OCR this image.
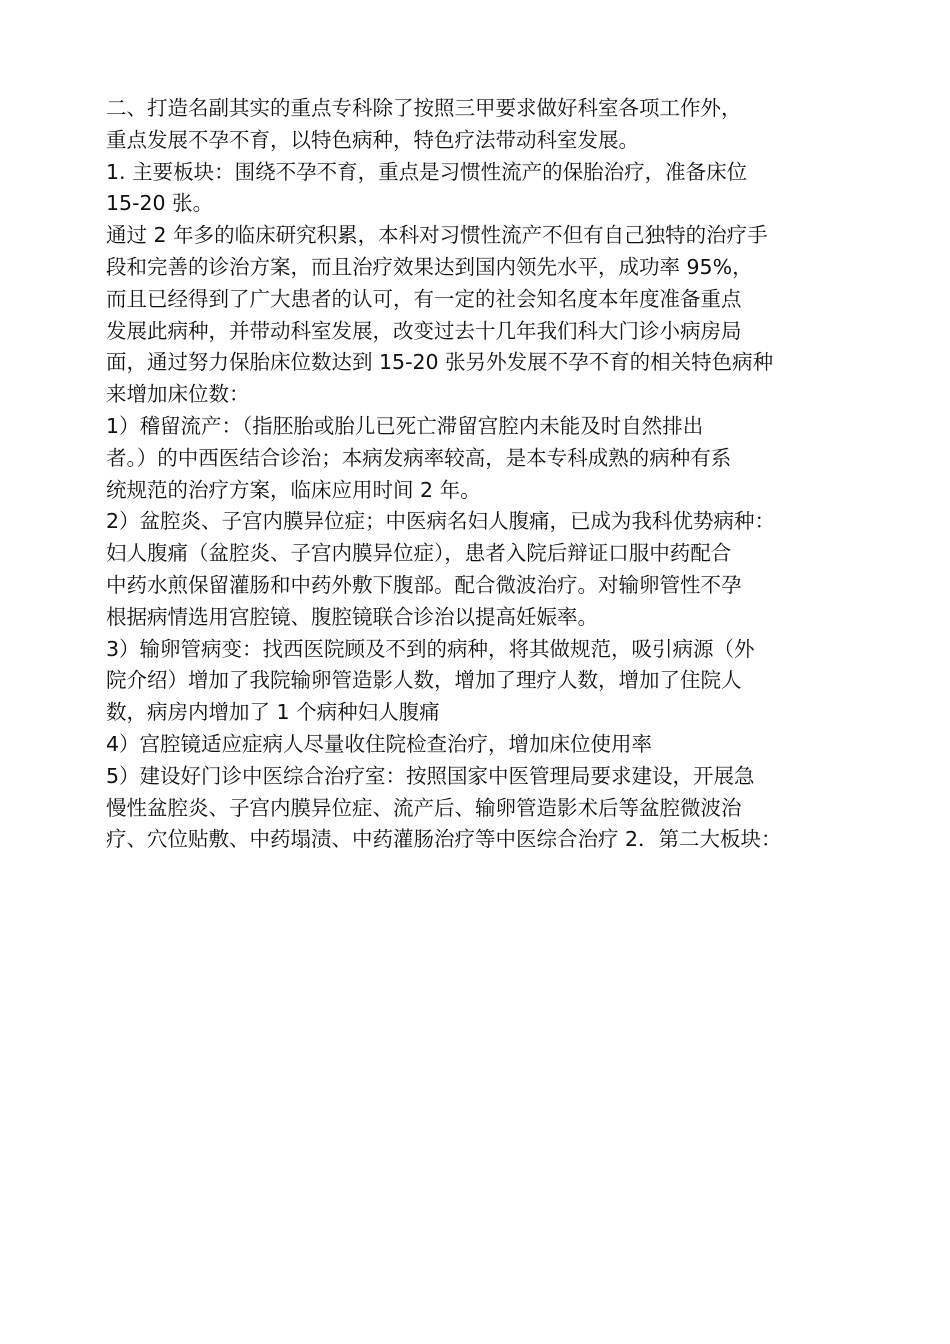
二、打造名副其实的重点专科除了按照三甲要求做好科室各项工作外，
重点发展不孕不育，以特色病种，特色疗法带动科室发展。
1. 主要板块：围绕不孕不育，重点是习惯性流产的保胎治疗，准备床位
15-20 张。
通过 2 年多的临床研究积累，本科对习惯性流产不但有自己独特的治疗手
段和完善的诊治方案，而且治疗效果达到国内领先水平，成功率 95%，
而且已经得到了广大患者的认可，有一定的社会知名度本年度准备重点
发展此病种，并带动科室发展，改变过去十几年我们科大门诊小病房局
面，通过努力保胎床位数达到 15-20 张另外发展不孕不育的相关特色病种
来增加床位数：
1）稽留流产：（指胚胎或胎儿已死亡滞留宫腔内未能及时自然排出
者。）的中西医结合诊治；本病发病率较高，是本专科成熟的病种有系
统规范的治疗方案，临床应用时间 2 年。
2）盆腔炎、子宫内膜异位症；中医病名妇人腹痛，已成为我科优势病种：
妇人腹痛（盆腔炎、子宫内膜异位症），患者入院后辩证口服中药配合
中药水煎保留灌肠和中药外敷下腹部。配合微波治疗。对输卵管性不孕
根据病情选用宫腔镜、腹腔镜联合诊治以提高妊娠率。
3）输卵管病变：找西医院顾及不到的病种，将其做规范，吸引病源（外
院介绍）增加了我院输卵管造影人数，增加了理疗人数，增加了住院人
数，病房内增加了 1 个病种妇人腹痛
4）宫腔镜适应症病人尽量收住院检查治疗，增加床位使用率
5）建设好门诊中医综合治疗室：按照国家中医管理局要求建设，开展急
慢性盆腔炎、子宫内膜异位症、流产后、输卵管造影术后等盆腔微波治
疗、穴位贴敷、中药塌渍、中药灌肠治疗等中医综合治疗 2．第二大板块：
